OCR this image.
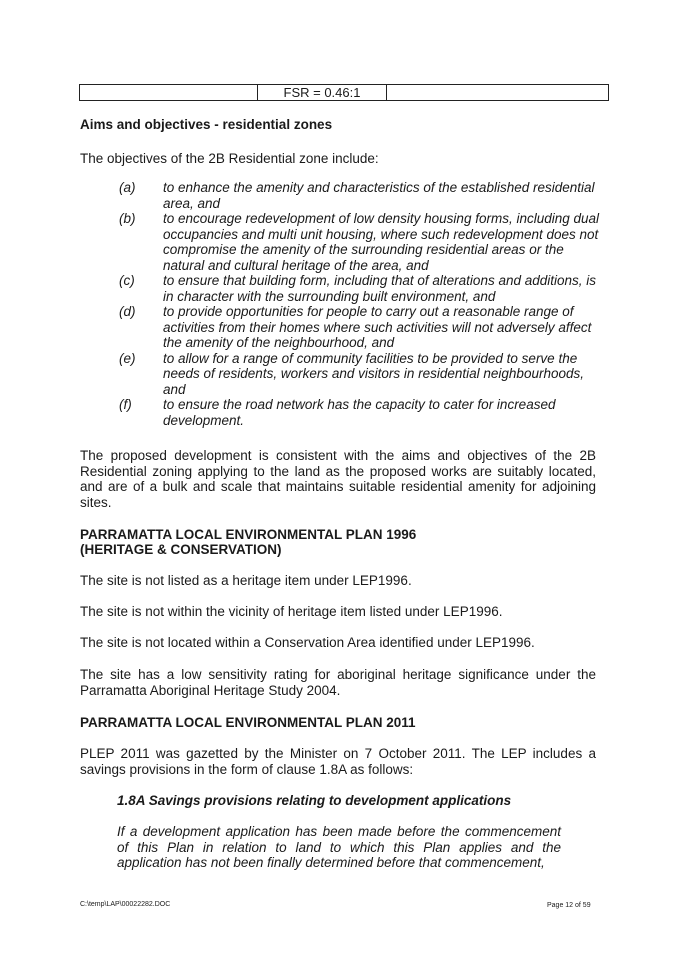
FSR = 0.46:1
Aims and objectives - residential zones
The objectives of the 2B Residential zone include:
(a)	to enhance the amenity and characteristics of the established residential area, and
(b)	to encourage redevelopment of low density housing forms, including dual occupancies and multi unit housing, where such redevelopment does not compromise the amenity of the surrounding residential areas or the natural and cultural heritage of the area, and
(c)	to ensure that building form, including that of alterations and additions, is in character with the surrounding built environment, and
(d)	to provide opportunities for people to carry out a reasonable range of activities from their homes where such activities will not adversely affect the amenity of the neighbourhood, and
(e)	to allow for a range of community facilities to be provided to serve the needs of residents, workers and visitors in residential neighbourhoods, and
(f)	to ensure the road network has the capacity to cater for increased development.
The proposed development is consistent with the aims and objectives of the 2B Residential zoning applying to the land as the proposed works are suitably located, and are of a bulk and scale that maintains suitable residential amenity for adjoining sites.
PARRAMATTA LOCAL ENVIRONMENTAL PLAN 1996
(HERITAGE & CONSERVATION)
The site is not listed as a heritage item under LEP1996.
The site is not within the vicinity of heritage item listed under LEP1996.
The site is not located within a Conservation Area identified under LEP1996.
The site has a low sensitivity rating for aboriginal heritage significance under the Parramatta Aboriginal Heritage Study 2004.
PARRAMATTA LOCAL ENVIRONMENTAL PLAN 2011
PLEP 2011 was gazetted by the Minister on 7 October 2011. The LEP includes a savings provisions in the form of clause 1.8A as follows:
1.8A Savings provisions relating to development applications
If a development application has been made before the commencement of this Plan in relation to land to which this Plan applies and the application has not been finally determined before that commencement,
C:\temp\LAP\00022282.DOC	Page 12 of 59
